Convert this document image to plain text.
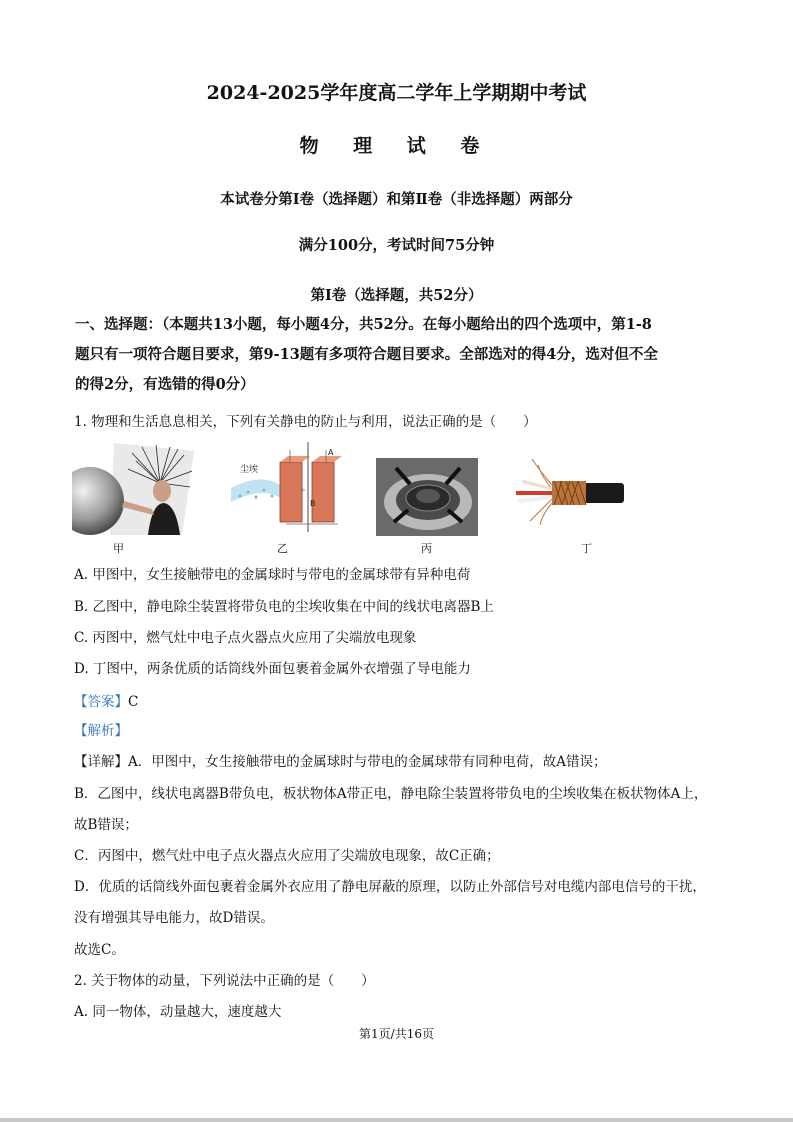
2024-2025学年度高二学年上学期期中考试
物 理 试 卷
本试卷分第Ⅰ卷（选择题）和第Ⅱ卷（非选择题）两部分
满分100分，考试时间75分钟
第Ⅰ卷（选择题，共52分）
一、选择题：（本题共13小题，每小题4分，共52分。在每小题给出的四个选项中，第1-8
题只有一项符合题目要求，第9-13题有多项符合题目要求。全部选对的得4分，选对但不全
的得2分，有选错的得0分）
1. 物理和生活息息相关，下列有关静电的防止与利用，说法正确的是（　　）
甲
尘埃
A
B
乙	丙	丁
A. 甲图中，女生接触带电的金属球时与带电的金属球带有异种电荷
B. 乙图中，静电除尘装置将带负电的尘埃收集在中间的线状电离器B上
C. 丙图中，燃气灶中电子点火器点火应用了尖端放电现象
D. 丁图中，两条优质的话筒线外面包裹着金属外衣增强了导电能力
【答案】C
【解析】
【详解】A．甲图中，女生接触带电的金属球时与带电的金属球带有同种电荷，故A错误；
B．乙图中，线状电离器B带负电，板状物体A带正电，静电除尘装置将带负电的尘埃收集在板状物体A上，
故B错误；
C．丙图中，燃气灶中电子点火器点火应用了尖端放电现象，故C正确；
D．优质的话筒线外面包裹着金属外衣应用了静电屏蔽的原理，以防止外部信号对电缆内部电信号的干扰，
没有增强其导电能力，故D错误。
故选C。
2. 关于物体的动量，下列说法中正确的是（　　）
A. 同一物体，动量越大，速度越大
第1页/共16页
